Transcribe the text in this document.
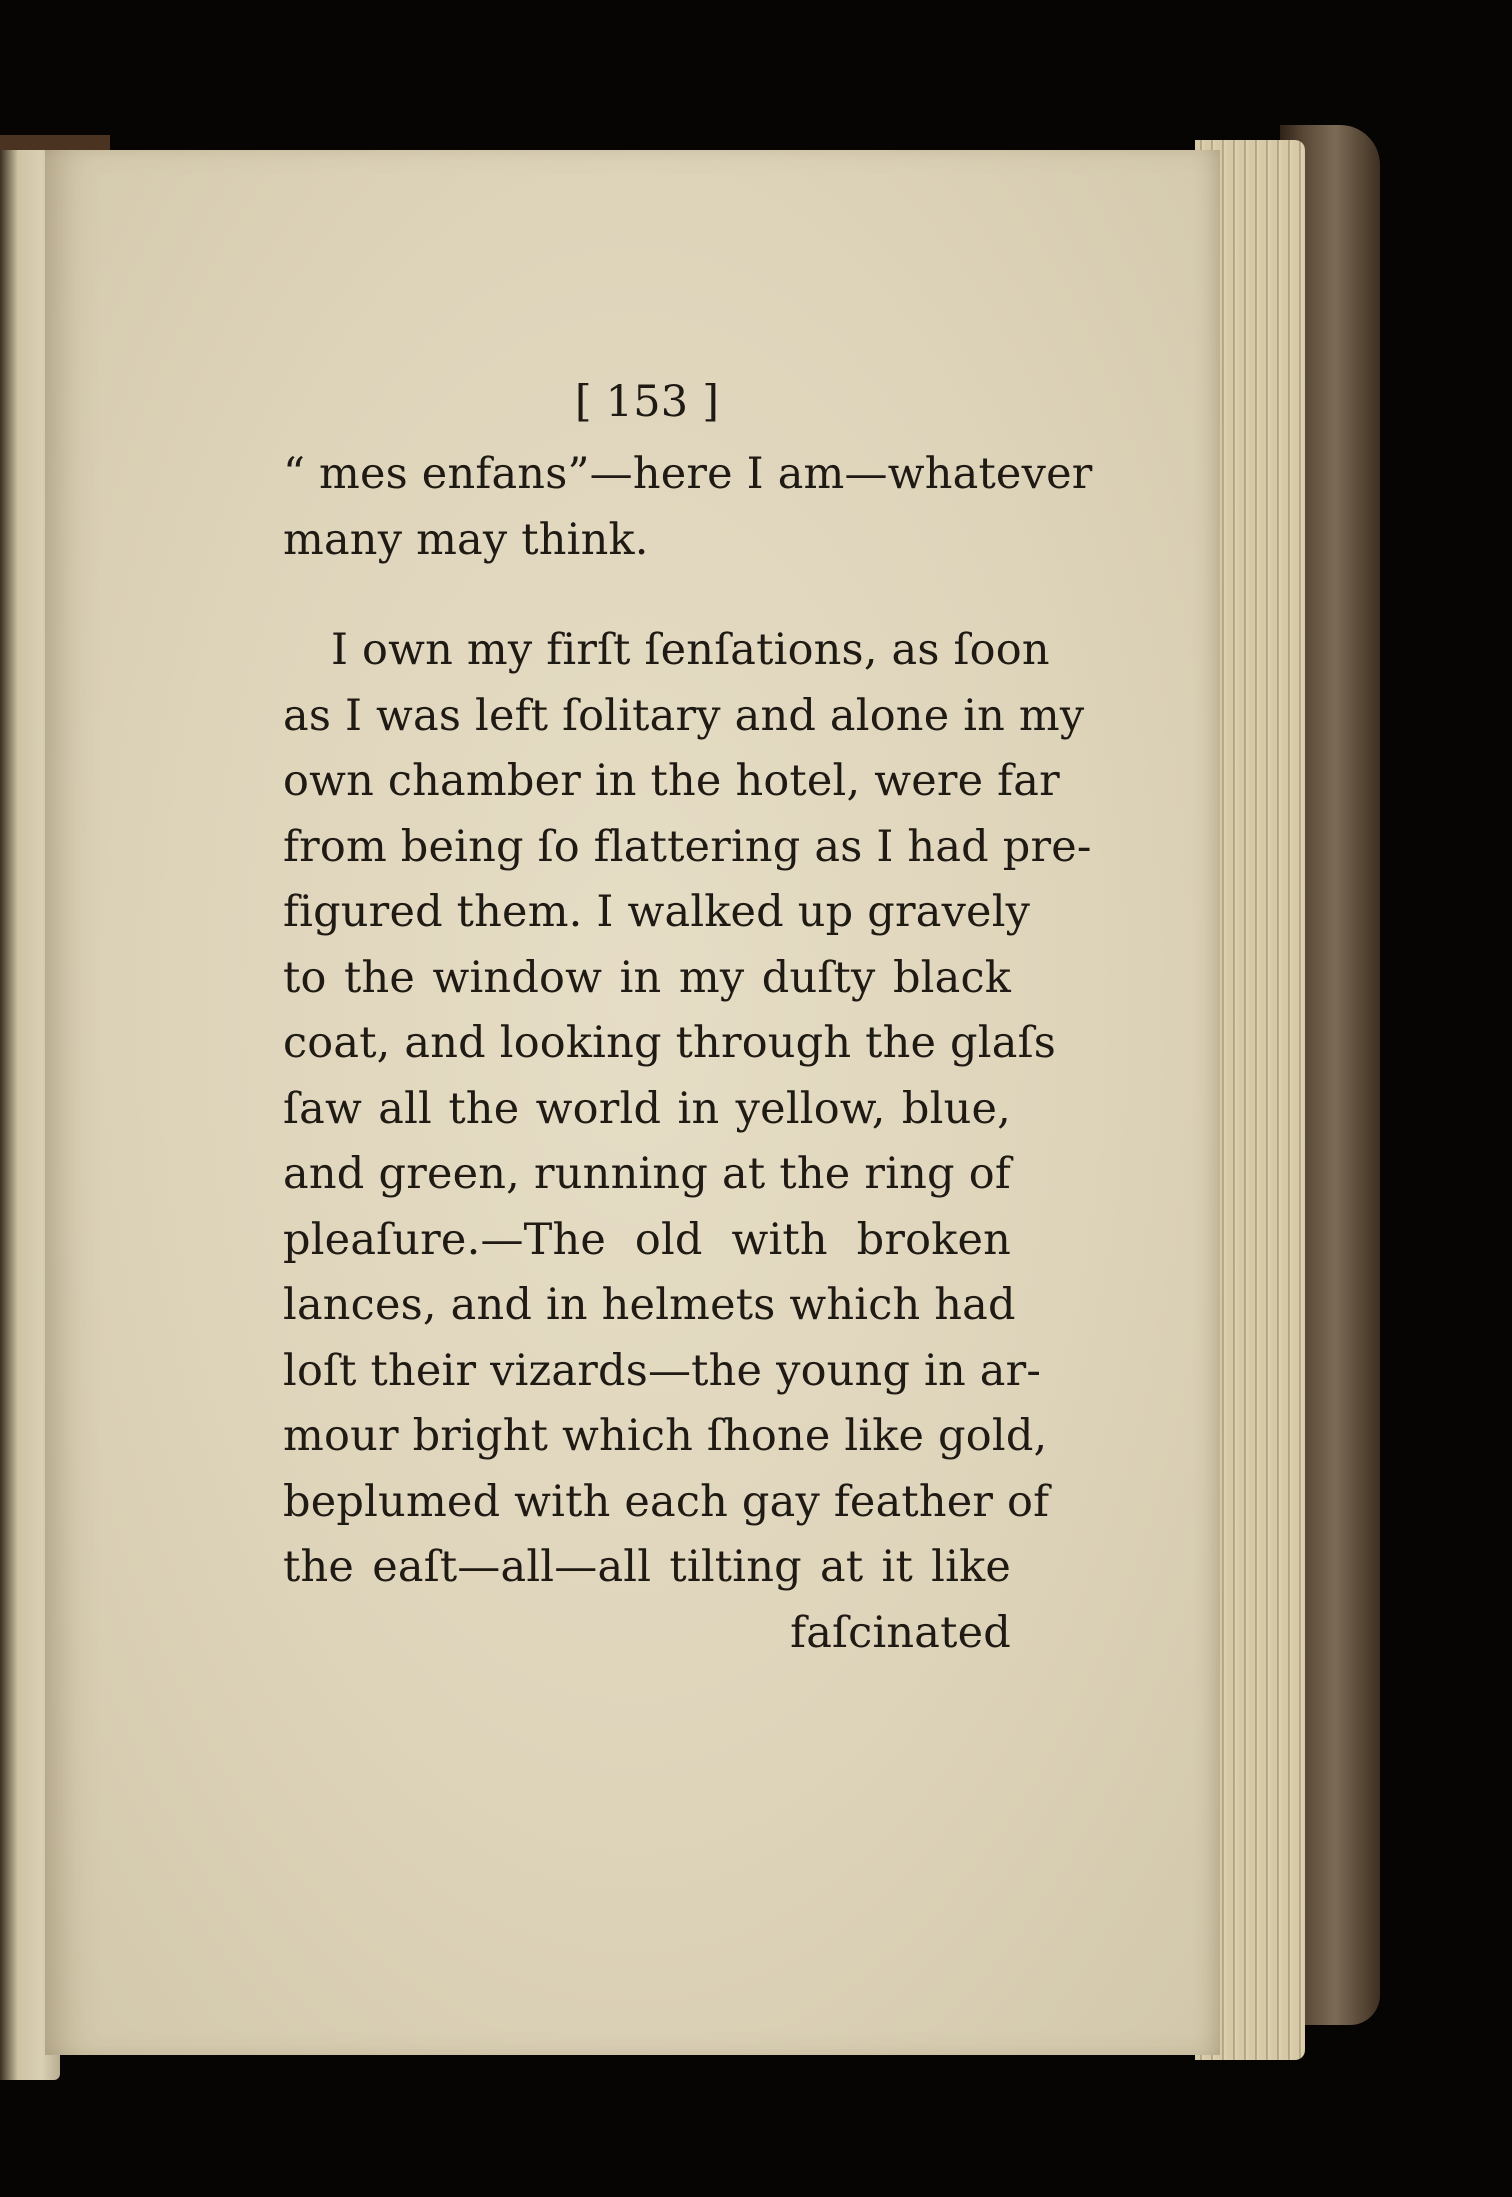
[ 153 ]
“ mes enfans”—here I am—whatever
many may think.
I own my firſt ſenſations, as ſoon
as I was left ſolitary and alone in my
own chamber in the hotel, were far
from being ſo flattering as I had pre-
figured them. I walked up gravely
to the window in my duſty black
coat, and looking through the glaſs
ſaw all the world in yellow, blue,
and green, running at the ring of
pleaſure.—The old with broken
lances, and in helmets which had
loſt their vizards—the young in ar-
mour bright which ſhone like gold,
beplumed with each gay feather of
the eaſt—all—all tilting at it like
faſcinated
